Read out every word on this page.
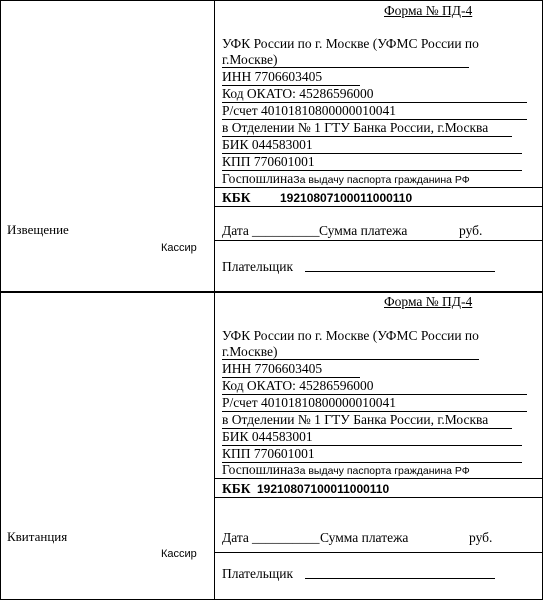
Извещение
Кассир
Квитанция
Кассир
Форма № ПД-4
УФК России по г. Москве (УФМС России по
г.Москве)
ИНН 7706603405
Код ОКАТО: 45286596000
Р/счет 40101810800000010041
в Отделении № 1 ГТУ Банка России, г.Москва
БИК 044583001
КПП 770601001
ГоспошлинаЗа выдачу паспорта гражданина РФ
КБК 19210807100011000110
Дата __________ Сумма платежа	руб.
Плательщик
Форма № ПД-4
УФК России по г. Москве (УФМС России по
г.Москве)
ИНН 7706603405
Код ОКАТО: 45286596000
Р/счет 40101810800000010041
в Отделении № 1 ГТУ Банка России, г.Москва
БИК 044583001
КПП 770601001
ГоспошлинаЗа выдачу паспорта гражданина РФ
КБК 19210807100011000110
Дата __________ Сумма платежа	руб.
Плательщик
